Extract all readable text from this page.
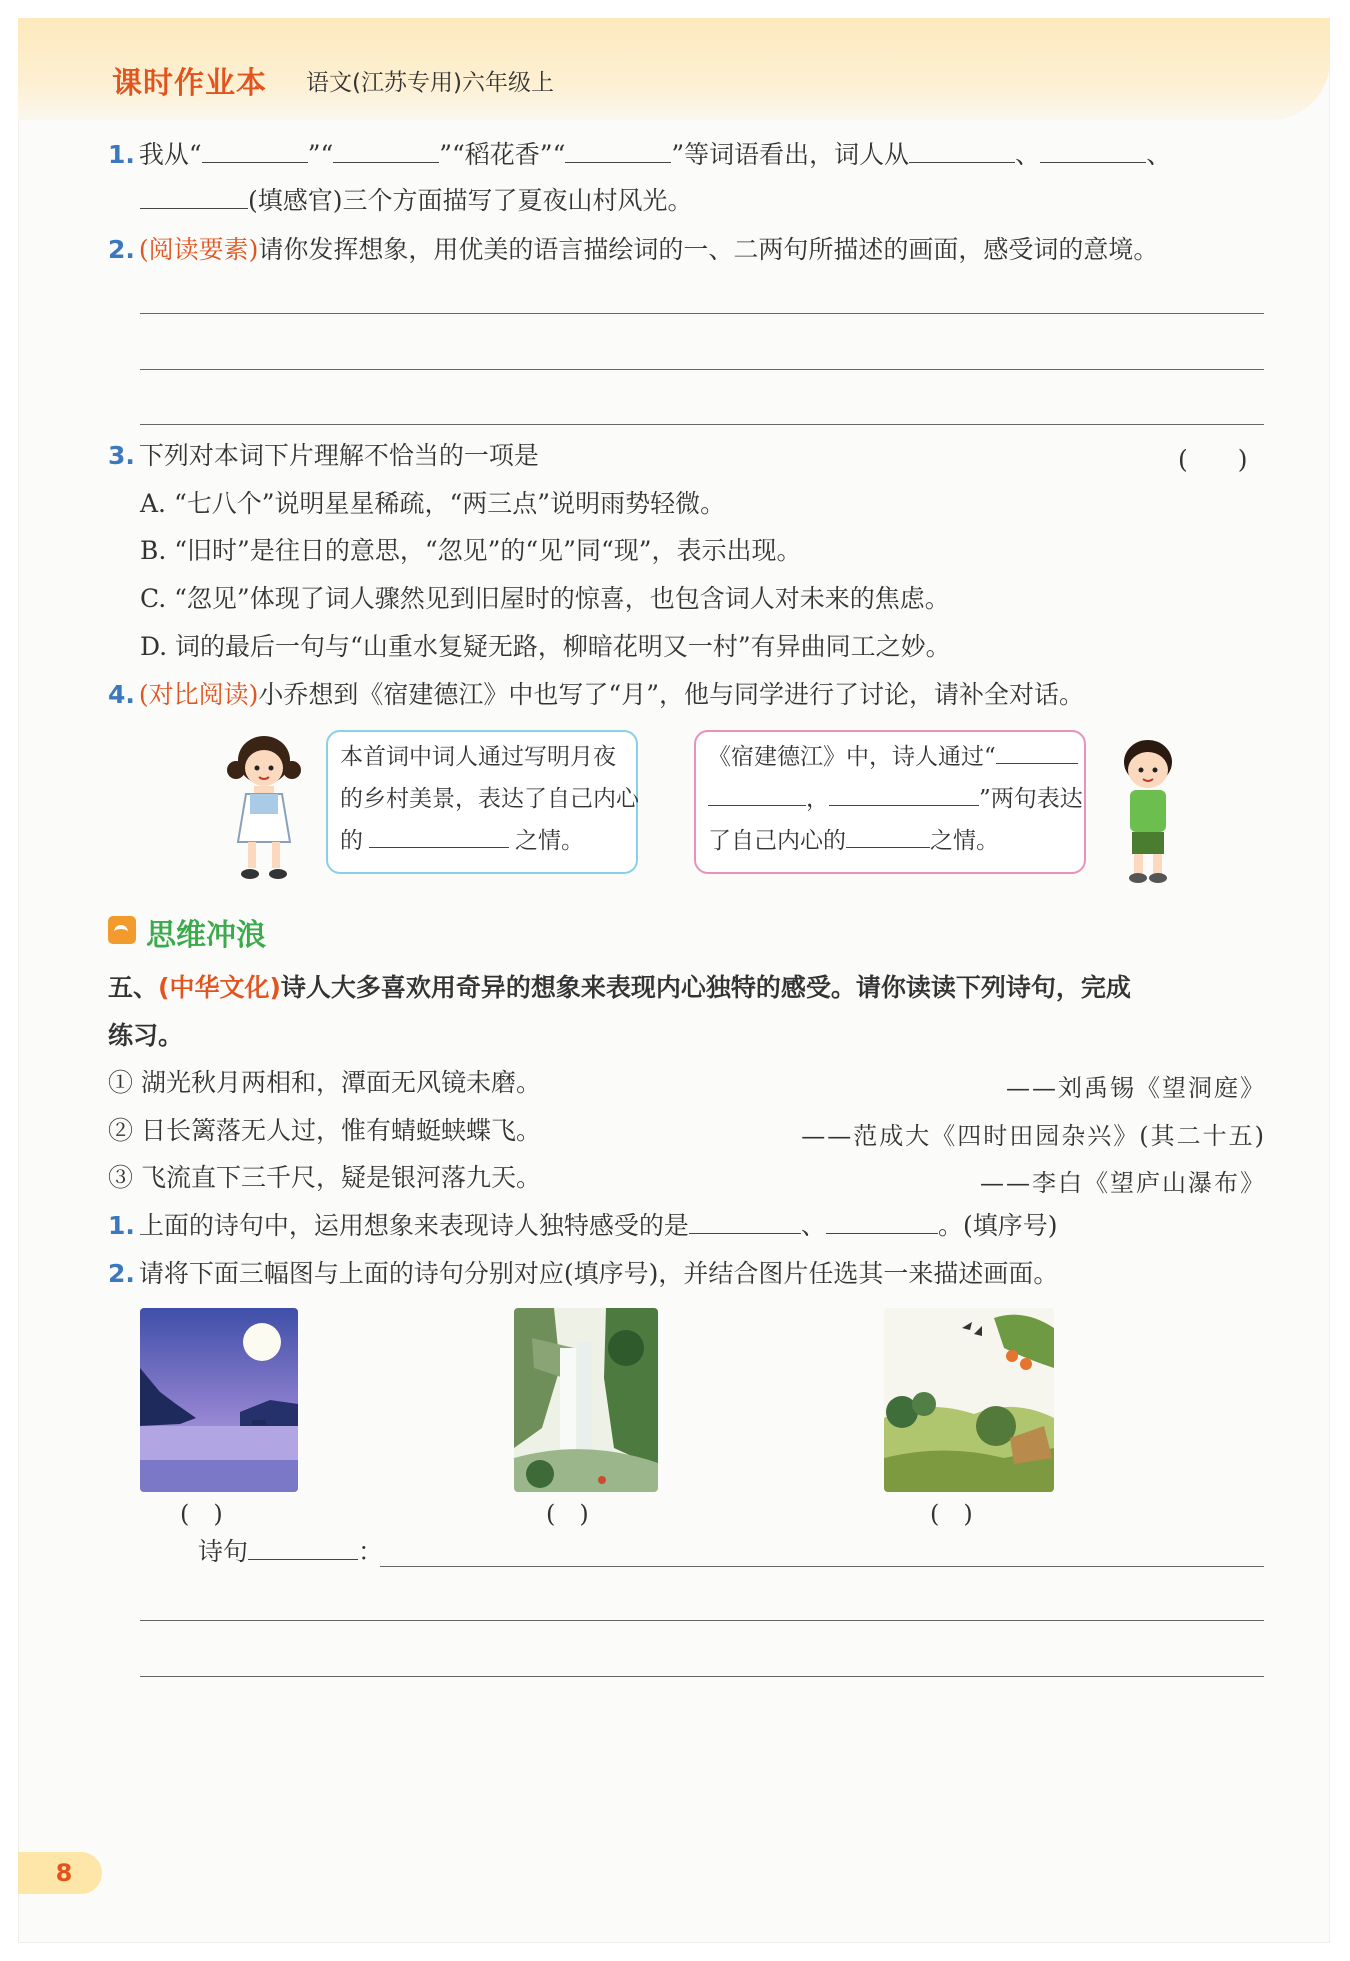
课时作业本 语文(江苏专用)六年级上
1. 我从“	”“	”“稻花香”“	”等词语看出，词人从	、	、
(填感官)三个方面描写了夏夜山村风光。
2. (阅读要素)请你发挥想象，用优美的语言描绘词的一、二两句所描述的画面，感受词的意境。
3. 下列对本词下片理解不恰当的一项是	(　　)
A. “七八个”说明星星稀疏，“两三点”说明雨势轻微。
B. “旧时”是往日的意思，“忽见”的“见”同“现”，表示出现。
C. “忽见”体现了词人骤然见到旧屋时的惊喜，也包含词人对未来的焦虑。
D. 词的最后一句与“山重水复疑无路，柳暗花明又一村”有异曲同工之妙。
4. (对比阅读)小乔想到《宿建德江》中也写了“月”，他与同学进行了讨论，请补全对话。
本首词中词人通过写明月夜
的乡村美景，表达了自己内心
的	之情。
《宿建德江》中，诗人通过“
，	”两句表达
了自己内心的	之情。
思维冲浪
五、(中华文化)诗人大多喜欢用奇异的想象来表现内心独特的感受。请你读读下列诗句，完成
练习。
① 湖光秋月两相和，潭面无风镜未磨。	——刘禹锡《望洞庭》
② 日长篱落无人过，惟有蜻蜓蛱蝶飞。	——范成大《四时田园杂兴》(其二十五)
③ 飞流直下三千尺，疑是银河落九天。	——李白《望庐山瀑布》
1. 上面的诗句中，运用想象来表现诗人独特感受的是	、	。(填序号)
2. 请将下面三幅图与上面的诗句分别对应(填序号)，并结合图片任选其一来描述画面。
()	()	()
诗句	：
8
